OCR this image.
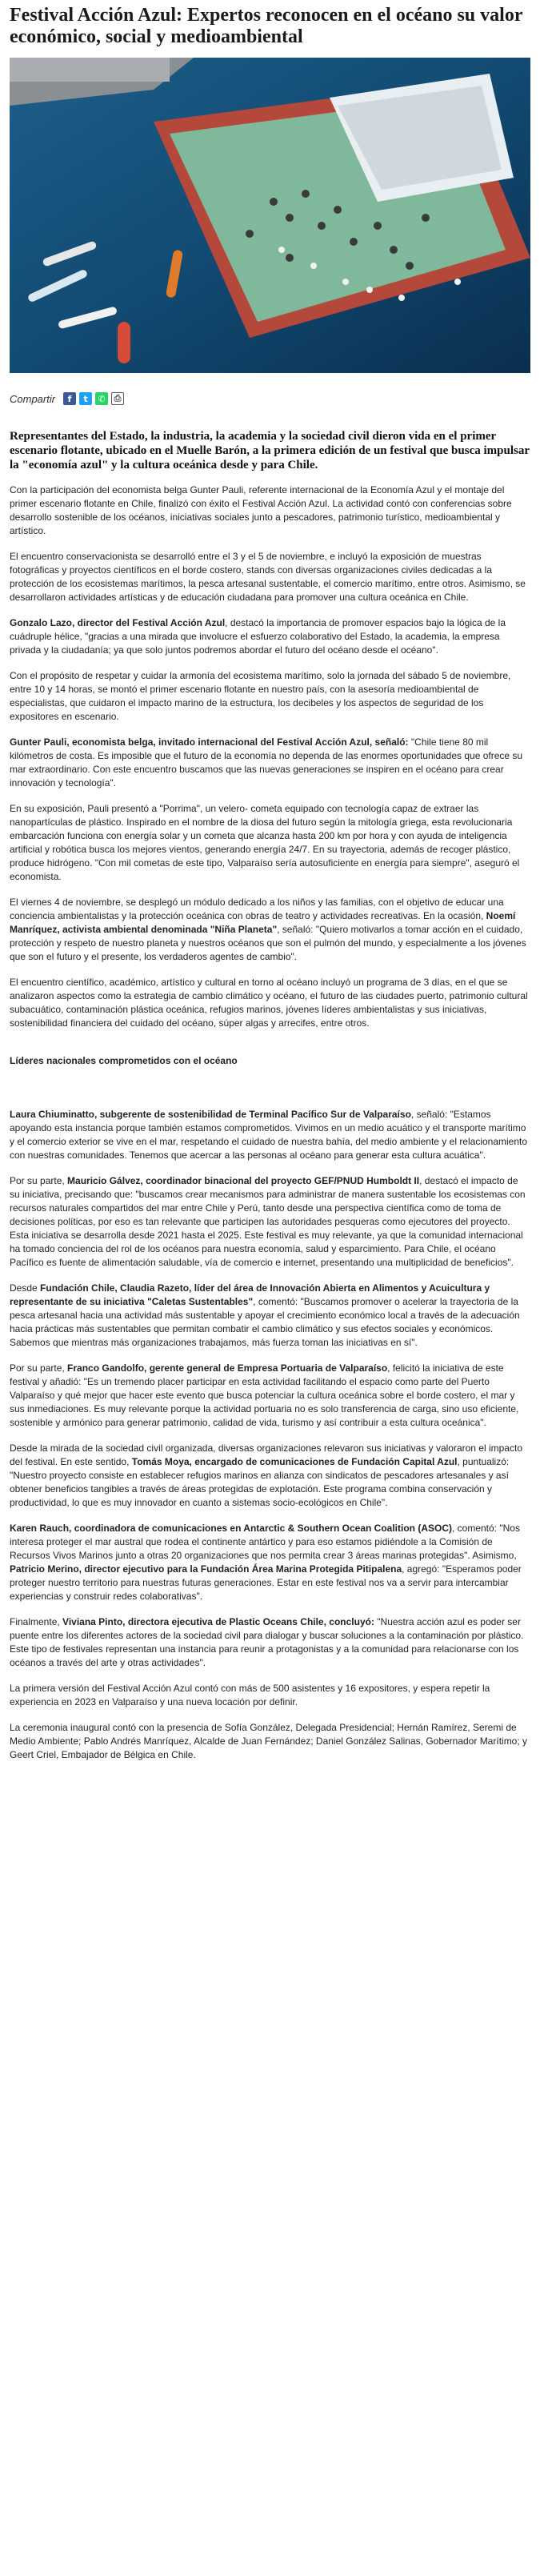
Festival Acción Azul: Expertos reconocen en el océano su valor económico, social y medioambiental
Compartir	f	t	✆ ⎙

Representantes del Estado, la industria, la academia y la sociedad civil dieron vida en el primer escenario flotante, ubicado en el Muelle Barón, a la primera edición de un festival que busca impulsar la "economía azul" y la cultura oceánica desde y para Chile.

Con la participación del economista belga Gunter Pauli, referente internacional de la Economía Azul y el montaje del primer escenario flotante en Chile, finalizó con éxito el Festival Acción Azul. La actividad contó con conferencias sobre desarrollo sostenible de los océanos, iniciativas sociales junto a pescadores, patrimonio turístico, medioambiental y artístico.

El encuentro conservacionista se desarrolló entre el 3 y el 5 de noviembre, e incluyó la exposición de muestras fotográficas y proyectos científicos en el borde costero, stands con diversas organizaciones civiles dedicadas a la protección de los ecosistemas marítimos, la pesca artesanal sustentable, el comercio marítimo, entre otros. Asimismo, se desarrollaron actividades artísticas y de educación ciudadana para promover una cultura oceánica en Chile.

Gonzalo Lazo, director del Festival Acción Azul, destacó la importancia de promover espacios bajo la lógica de la cuádruple hélice, "gracias a una mirada que involucre el esfuerzo colaborativo del Estado, la academia, la empresa privada y la ciudadanía; ya que solo juntos podremos abordar el futuro del océano desde el océano".

Con el propósito de respetar y cuidar la armonía del ecosistema marítimo, solo la jornada del sábado 5 de noviembre, entre 10 y 14 horas, se montó el primer escenario flotante en nuestro país, con la asesoría medioambiental de especialistas, que cuidaron el impacto marino de la estructura, los decibeles y los aspectos de seguridad de los expositores en escenario.

Gunter Pauli, economista belga, invitado internacional del Festival Acción Azul, señaló: "Chile tiene 80 mil kilómetros de costa. Es imposible que el futuro de la economía no dependa de las enormes oportunidades que ofrece su mar extraordinario. Con este encuentro buscamos que las nuevas generaciones se inspiren en el océano para crear innovación y tecnología".

En su exposición, Pauli presentó a "Porrima", un velero- cometa equipado con tecnología capaz de extraer las nanopartículas de plástico. Inspirado en el nombre de la diosa del futuro según la mitología griega, esta revolucionaria embarcación funciona con energía solar y un cometa que alcanza hasta 200 km por hora y con ayuda de inteligencia artificial y robótica busca los mejores vientos, generando energía 24/7. En su trayectoria, además de recoger plástico, produce hidrógeno. "Con mil cometas de este tipo, Valparaíso sería autosuficiente en energía para siempre", aseguró el economista.

El viernes 4 de noviembre, se desplegó un módulo dedicado a los niños y las familias, con el objetivo de educar una conciencia ambientalistas y la protección oceánica con obras de teatro y actividades recreativas. En la ocasión, Noemí Manríquez, activista ambiental denominada "Niña Planeta", señaló: "Quiero motivarlos a tomar acción en el cuidado, protección y respeto de nuestro planeta y nuestros océanos que son el pulmón del mundo, y especialmente a los jóvenes que son el futuro y el presente, los verdaderos agentes de cambio".

El encuentro científico, académico, artístico y cultural en torno al océano incluyó un programa de 3 días, en el que se analizaron aspectos como la estrategia de cambio climático y océano, el futuro de las ciudades puerto, patrimonio cultural subacuático, contaminación plástica oceánica, refugios marinos, jóvenes líderes ambientalistas y sus iniciativas, sostenibilidad financiera del cuidado del océano, súper algas y arrecifes, entre otros.

Líderes nacionales comprometidos con el océano

Laura Chiuminatto, subgerente de sostenibilidad de Terminal Pacífico Sur de Valparaíso, señaló: "Estamos apoyando esta instancia porque también estamos comprometidos. Vivimos en un medio acuático y el transporte marítimo y el comercio exterior se vive en el mar, respetando el cuidado de nuestra bahía, del medio ambiente y el relacionamiento con nuestras comunidades. Tenemos que acercar a las personas al océano para generar esta cultura acuática".

Por su parte, Mauricio Gálvez, coordinador binacional del proyecto GEF/PNUD Humboldt II, destacó el impacto de su iniciativa, precisando que: "buscamos crear mecanismos para administrar de manera sustentable los ecosistemas con recursos naturales compartidos del mar entre Chile y Perú, tanto desde una perspectiva científica como de toma de decisiones políticas, por eso es tan relevante que participen las autoridades pesqueras como ejecutores del proyecto. Esta iniciativa se desarrolla desde 2021 hasta el 2025. Este festival es muy relevante, ya que la comunidad internacional ha tomado conciencia del rol de los océanos para nuestra economía, salud y esparcimiento. Para Chile, el océano Pacífico es fuente de alimentación saludable, vía de comercio e internet, presentando una multiplicidad de beneficios".

Desde Fundación Chile, Claudia Razeto, líder del área de Innovación Abierta en Alimentos y Acuicultura y representante de su iniciativa "Caletas Sustentables", comentó: "Buscamos promover o acelerar la trayectoria de la pesca artesanal hacia una actividad más sustentable y apoyar el crecimiento económico local a través de la adecuación hacia prácticas más sustentables que permitan combatir el cambio climático y sus efectos sociales y económicos. Sabemos que mientras más organizaciones trabajamos, más fuerza toman las iniciativas en sí".

Por su parte, Franco Gandolfo, gerente general de Empresa Portuaria de Valparaíso, felicitó la iniciativa de este festival y añadió: "Es un tremendo placer participar en esta actividad facilitando el espacio como parte del Puerto Valparaíso y qué mejor que hacer este evento que busca potenciar la cultura oceánica sobre el borde costero, el mar y sus inmediaciones. Es muy relevante porque la actividad portuaria no es solo transferencia de carga, sino uso eficiente, sostenible y armónico para generar patrimonio, calidad de vida, turismo y así contribuir a esta cultura oceánica".

Desde la mirada de la sociedad civil organizada, diversas organizaciones relevaron sus iniciativas y valoraron el impacto del festival. En este sentido, Tomás Moya, encargado de comunicaciones de Fundación Capital Azul, puntualizó: "Nuestro proyecto consiste en establecer refugios marinos en alianza con sindicatos de pescadores artesanales y así obtener beneficios tangibles a través de áreas protegidas de explotación. Este programa combina conservación y productividad, lo que es muy innovador en cuanto a sistemas socio-ecológicos en Chile".

Karen Rauch, coordinadora de comunicaciones en Antarctic & Southern Ocean Coalition (ASOC), comentó: "Nos interesa proteger el mar austral que rodea el continente antártico y para eso estamos pidiéndole a la Comisión de Recursos Vivos Marinos junto a otras 20 organizaciones que nos permita crear 3 áreas marinas protegidas". Asimismo, Patricio Merino, director ejecutivo para la Fundación Área Marina Protegida Pitipalena, agregó: "Esperamos poder proteger nuestro territorio para nuestras futuras generaciones. Estar en este festival nos va a servir para intercambiar experiencias y construir redes colaborativas".

Finalmente, Viviana Pinto, directora ejecutiva de Plastic Oceans Chile, concluyó: "Nuestra acción azul es poder ser puente entre los diferentes actores de la sociedad civil para dialogar y buscar soluciones a la contaminación por plástico. Este tipo de festivales representan una instancia para reunir a protagonistas y a la comunidad para relacionarse con los océanos a través del arte y otras actividades".

La primera versión del Festival Acción Azul contó con más de 500 asistentes y 16 expositores, y espera repetir la experiencia en 2023 en Valparaíso y una nueva locación por definir.

La ceremonia inaugural contó con la presencia de Sofía González, Delegada Presidencial; Hernán Ramírez, Seremi de Medio Ambiente; Pablo Andrés Manríquez, Alcalde de Juan Fernández; Daniel González Salinas, Gobernador Marítimo; y Geert Criel, Embajador de Bélgica en Chile.
